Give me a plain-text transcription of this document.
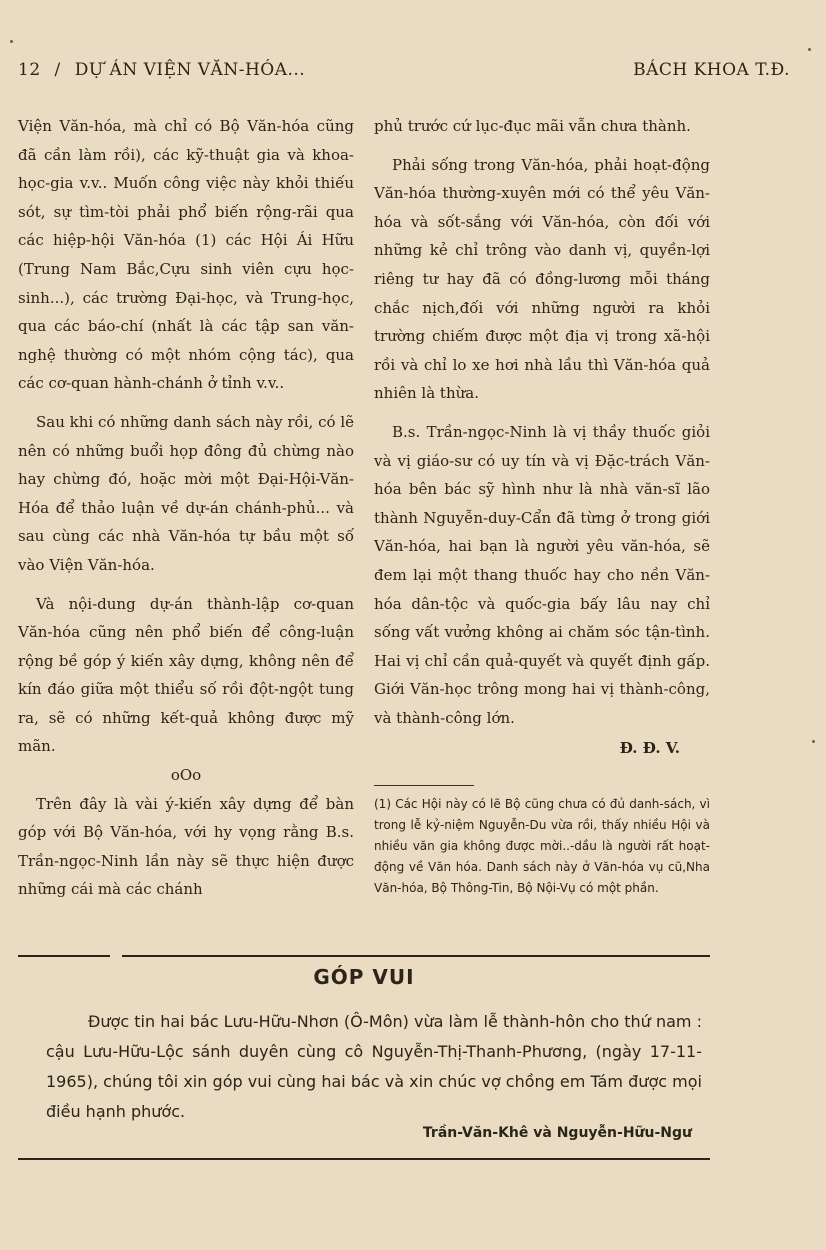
12 / DỰ ÁN VIỆN VĂN-HÓA...	BÁCH KHOA T.Đ.

Viện Văn-hóa, mà chỉ có Bộ Văn-hóa cũng đã cần làm rồi), các kỹ-thuật gia và khoa-học-gia v.v.. Muốn công việc này khỏi thiếu sót, sự tìm-tòi phải phổ biến rộng-rãi qua các hiệp-hội Văn-hóa (1) các Hội Ái Hữu (Trung Nam Bắc,Cựu sinh viên cựu học-sinh...), các trường Đại-học, và Trung-học, qua các báo-chí (nhất là các tập san văn-nghệ thường có một nhóm cộng tác), qua các cơ-quan hành-chánh ở tỉnh v.v..

Sau khi có những danh sách này rồi, có lẽ nên có những buổi họp đông đủ chừng nào hay chừng đó, hoặc mời một Đại-Hội-Văn-Hóa để thảo luận về dự-án chánh-phủ... và sau cùng các nhà Văn-hóa tự bầu một số vào Viện Văn-hóa.

Và nội-dung dự-án thành-lập cơ-quan Văn-hóa cũng nên phổ biến để công-luận rộng bề góp ý kiến xây dựng, không nên để kín đáo giữa một thiểu số rồi đột-ngột tung ra, sẽ có những kết-quả không được mỹ mãn.

oOo

Trên đây là vài ý-kiến xây dựng để bàn góp với Bộ Văn-hóa, với hy vọng rằng B.s. Trần-ngọc-Ninh lần này sẽ thực hiện được những cái mà các chánh

phủ trước cứ lục-đục mãi vẫn chưa thành.

Phải sống trong Văn-hóa, phải hoạt-động Văn-hóa thường-xuyên mới có thể yêu Văn-hóa và sốt-sắng với Văn-hóa, còn đối với những kẻ chỉ trông vào danh vị, quyền-lợi riêng tư hay đã có đồng-lương mỗi tháng chắc nịch,đối với những người ra khỏi trường chiếm được một địa vị trong xã-hội rồi và chỉ lo xe hơi nhà lầu thì Văn-hóa quả nhiên là thừa.

B.s. Trần-ngọc-Ninh là vị thầy thuốc giỏi và vị giáo-sư có uy tín và vị Đặc-trách Văn-hóa bên bác sỹ hình như là nhà văn-sĩ lão thành Nguyễn-duy-Cẩn đã từng ở trong giới Văn-hóa, hai bạn là người yêu văn-hóa, sẽ đem lại một thang thuốc hay cho nền Văn-hóa dân-tộc và quốc-gia bấy lâu nay chỉ sống vất vưởng không ai chăm sóc tận-tình. Hai vị chỉ cần quả-quyết và quyết định gấp. Giới Văn-học trông mong hai vị thành-công, và thành-công lớn.

Đ. Đ. V.

(1) Các Hội này có lẽ Bộ cũng chưa có đủ danh-sách, vì trong lễ kỷ-niệm Nguyễn-Du vừa rồi, thấy nhiều Hội và nhiều văn gia không được mời..-dầu là người rất hoạt-động về Văn hóa. Danh sách này ở Văn-hóa vụ cũ,Nha Văn-hóa, Bộ Thông-Tin, Bộ Nội-Vụ có một phần.

GÓP VUI

Được tin hai bác Lưu-Hữu-Nhơn (Ô-Môn) vừa làm lễ thành-hôn cho thứ nam : cậu Lưu-Hữu-Lộc sánh duyên cùng cô Nguyễn-Thị-Thanh-Phương, (ngày 17-11-1965), chúng tôi xin góp vui cùng hai bác và xin chúc vợ chồng em Tám được mọi điều hạnh phước.

Trần-Văn-Khê và Nguyễn-Hữu-Ngư
